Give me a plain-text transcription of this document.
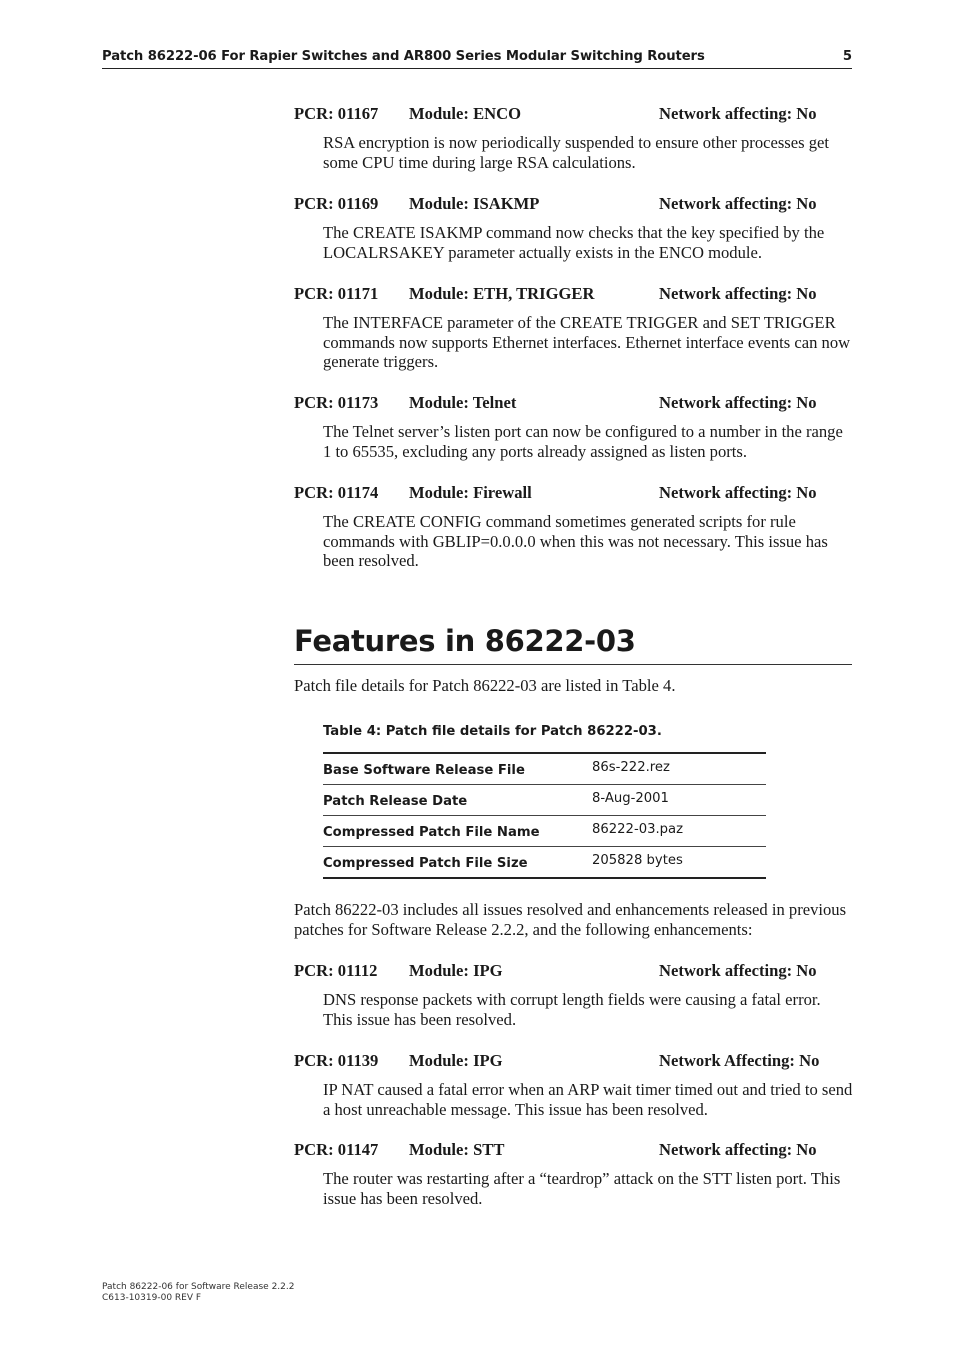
Patch 86222-06 For Rapier Switches and AR800 Series Modular Switching Routers	5
PCR: 01167 Module: ENCO	Network affecting: No
RSA encryption is now periodically suspended to ensure other processes get some CPU time during large RSA calculations.
PCR: 01169 Module: ISAKMP	Network affecting: No
The CREATE ISAKMP command now checks that the key specified by the LOCALRSAKEY parameter actually exists in the ENCO module.
PCR: 01171 Module: ETH, TRIGGER	Network affecting: No
The INTERFACE parameter of the CREATE TRIGGER and SET TRIGGER commands now supports Ethernet interfaces. Ethernet interface events can now generate triggers.
PCR: 01173 Module: Telnet	Network affecting: No
The Telnet server’s listen port can now be configured to a number in the range 1 to 65535, excluding any ports already assigned as listen ports.
PCR: 01174 Module: Firewall	Network affecting: No
The CREATE CONFIG command sometimes generated scripts for rule commands with GBLIP=0.0.0.0 when this was not necessary. This issue has been resolved.
Features in 86222-03
Patch file details for Patch 86222-03 are listed in Table 4.
Table 4: Patch file details for Patch 86222-03.
Base Software Release File	86s-222.rez
Patch Release Date	8-Aug-2001
Compressed Patch File Name	86222-03.paz
Compressed Patch File Size	205828 bytes
Patch 86222-03 includes all issues resolved and enhancements released in previous patches for Software Release 2.2.2, and the following enhancements:
PCR: 01112 Module: IPG	Network affecting: No
DNS response packets with corrupt length fields were causing a fatal error. This issue has been resolved.
PCR: 01139 Module: IPG	Network Affecting: No
IP NAT caused a fatal error when an ARP wait timer timed out and tried to send a host unreachable message. This issue has been resolved.
PCR: 01147 Module: STT	Network affecting: No
The router was restarting after a “teardrop” attack on the STT listen port. This issue has been resolved.
Patch 86222-06 for Software Release 2.2.2
C613-10319-00 REV F
